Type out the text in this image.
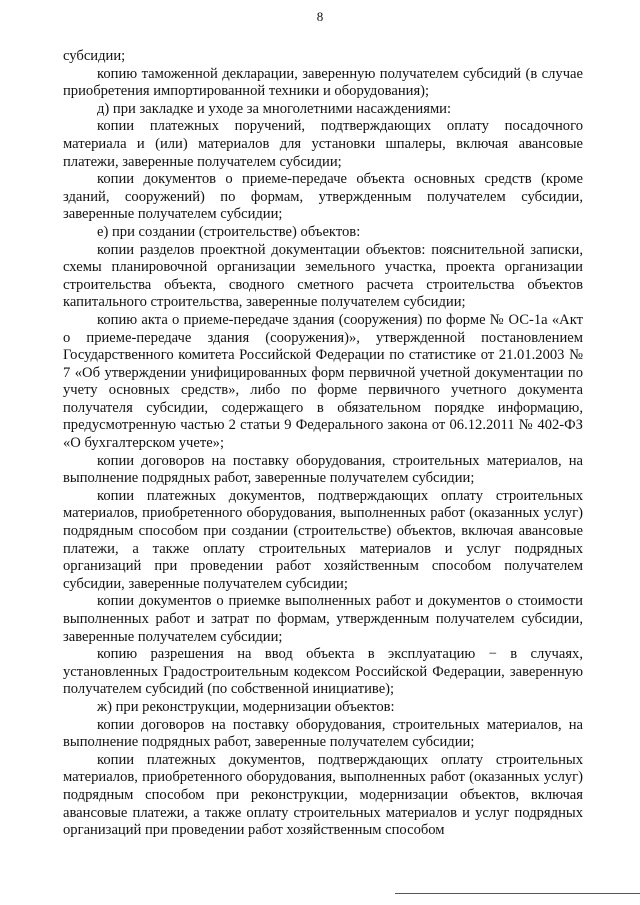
8

субсидии;

копию таможенной декларации, заверенную получателем субсидий (в случае приобретения импортированной техники и оборудования);

д) при закладке и уходе за многолетними насаждениями:

копии платежных поручений, подтверждающих оплату посадочного материала и (или) материалов для установки шпалеры, включая авансовые платежи, заверенные получателем субсидии;

копии документов о приеме-передаче объекта основных средств (кроме зданий, сооружений) по формам, утвержденным получателем субсидии, заверенные получателем субсидии;

е) при создании (строительстве) объектов:

копии разделов проектной документации объектов: пояснительной записки, схемы планировочной организации земельного участка, проекта организации строительства объекта, сводного сметного расчета строительства объектов капитального строительства, заверенные получателем субсидии;

копию акта о приеме-передаче здания (сооружения) по форме № ОС-1а «Акт о приеме-передаче здания (сооружения)», утвержденной постановлением Государственного комитета Российской Федерации по статистике от 21.01.2003 № 7 «Об утверждении унифицированных форм первичной учетной документации по учету основных средств», либо по форме первичного учетного документа получателя субсидии, содержащего в обязательном порядке информацию, предусмотренную частью 2 статьи 9 Федерального закона от 06.12.2011 № 402-ФЗ «О бухгалтерском учете»;

копии договоров на поставку оборудования, строительных материалов, на выполнение подрядных работ, заверенные получателем субсидии;

копии платежных документов, подтверждающих оплату строительных материалов, приобретенного оборудования, выполненных работ (оказанных услуг) подрядным способом при создании (строительстве) объектов, включая авансовые платежи, а также оплату строительных материалов и услуг подрядных организаций при проведении работ хозяйственным способом получателем субсидии, заверенные получателем субсидии;

копии документов о приемке выполненных работ и документов о стоимости выполненных работ и затрат по формам, утвержденным получателем субсидии, заверенные получателем субсидии;

копию разрешения на ввод объекта в эксплуатацию − в случаях, установленных Градостроительным кодексом Российской Федерации, заверенную получателем субсидий (по собственной инициативе);

ж) при реконструкции, модернизации объектов:

копии договоров на поставку оборудования, строительных материалов, на выполнение подрядных работ, заверенные получателем субсидии;

копии платежных документов, подтверждающих оплату строительных материалов, приобретенного оборудования, выполненных работ (оказанных услуг) подрядным способом при реконструкции, модернизации объектов, включая авансовые платежи, а также оплату строительных материалов и услуг подрядных организаций при проведении работ хозяйственным способом
